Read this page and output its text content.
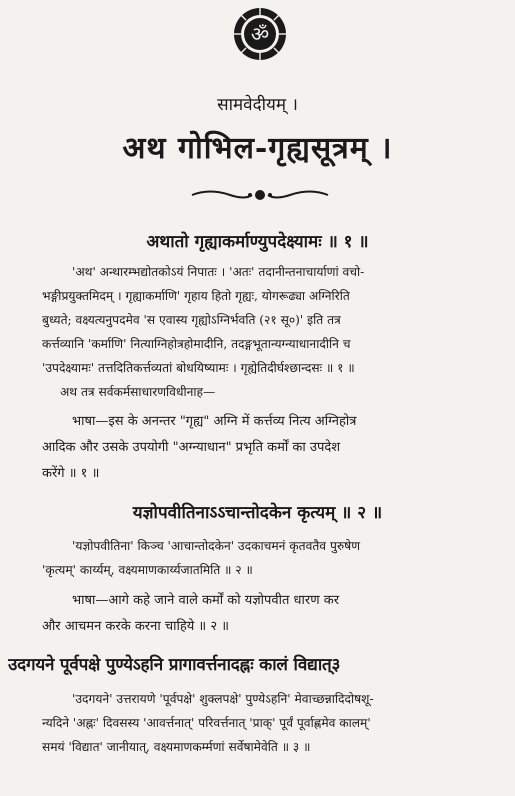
ॐ
सामवेदीयम् ।
अथ गोभिल-गृह्यसूत्रम् ।
अथातो गृह्याकर्माण्युपदेक्ष्यामः ॥ १ ॥
'अथ' अन्थारम्भद्योतकोऽयं निपातः । 'अतः' तदानीन्तनाचार्याणां वचो-
भङ्गीप्रयुक्तमिदम् । गृह्याकर्माणि' गृहाय हितो गृह्यः, योगरूढ्या अग्निरिति
बुध्यते; वक्ष्यत्यनुपदमेव 'स एवास्य गृह्योऽग्निर्भवति (२१ सू०)' इति तत्र
कर्त्तव्यानि 'कर्माणि' नित्याग्निहोत्रहोमादीनि, तदङ्गभूतान्यग्न्याधानादीनि च
'उपदेक्ष्यामः' तत्तदितिकर्त्तव्यतां बोधयिष्यामः । गृह्येतिदीर्घश्छान्दसः ॥ १ ॥
अथ तत्र सर्वकर्मसाधारणविधीनाह—
भाषा—इस के अनन्तर "गृह्य" अग्नि में कर्त्तव्य नित्य अग्निहोत्र
आदिक और उसके उपयोगी "अग्न्याधान" प्रभृति कर्मों का उपदेश
करेंगे ॥ १ ॥
यज्ञोपवीतिनाऽऽचान्तोदकेन कृत्यम् ॥ २ ॥
'यज्ञोपवीतिना' किञ्च 'आचान्तोदकेन' उदकाचमनं कृतवतैव पुरुषेण
'कृत्यम्' कार्य्यम्, वक्ष्यमाणकार्य्यजातमिति ॥ २ ॥
भाषा—आगे कहे जाने वाले कर्मों को यज्ञोपवीत धारण कर
और आचमन करके करना चाहिये ॥ २ ॥
उदगयने पूर्वपक्षे पुण्येऽहनि प्रागावर्त्तनादह्नः कालं विद्यात्३
'उदगयने' उत्तरायणे 'पूर्वपक्षे' शुक्लपक्षे' पुण्येऽहनि' मेवाच्छन्नादिदोषशू-
न्यदिने 'अह्नः' दिवसस्य 'आवर्त्तनात्' परिवर्त्तनात् 'प्राक्' पूर्वं पूर्वाह्णमेव कालम्'
समयं 'विद्यात' जानीयात्, वक्ष्यमाणकर्म्मणां सर्वेषामेवेति ॥ ३ ॥
